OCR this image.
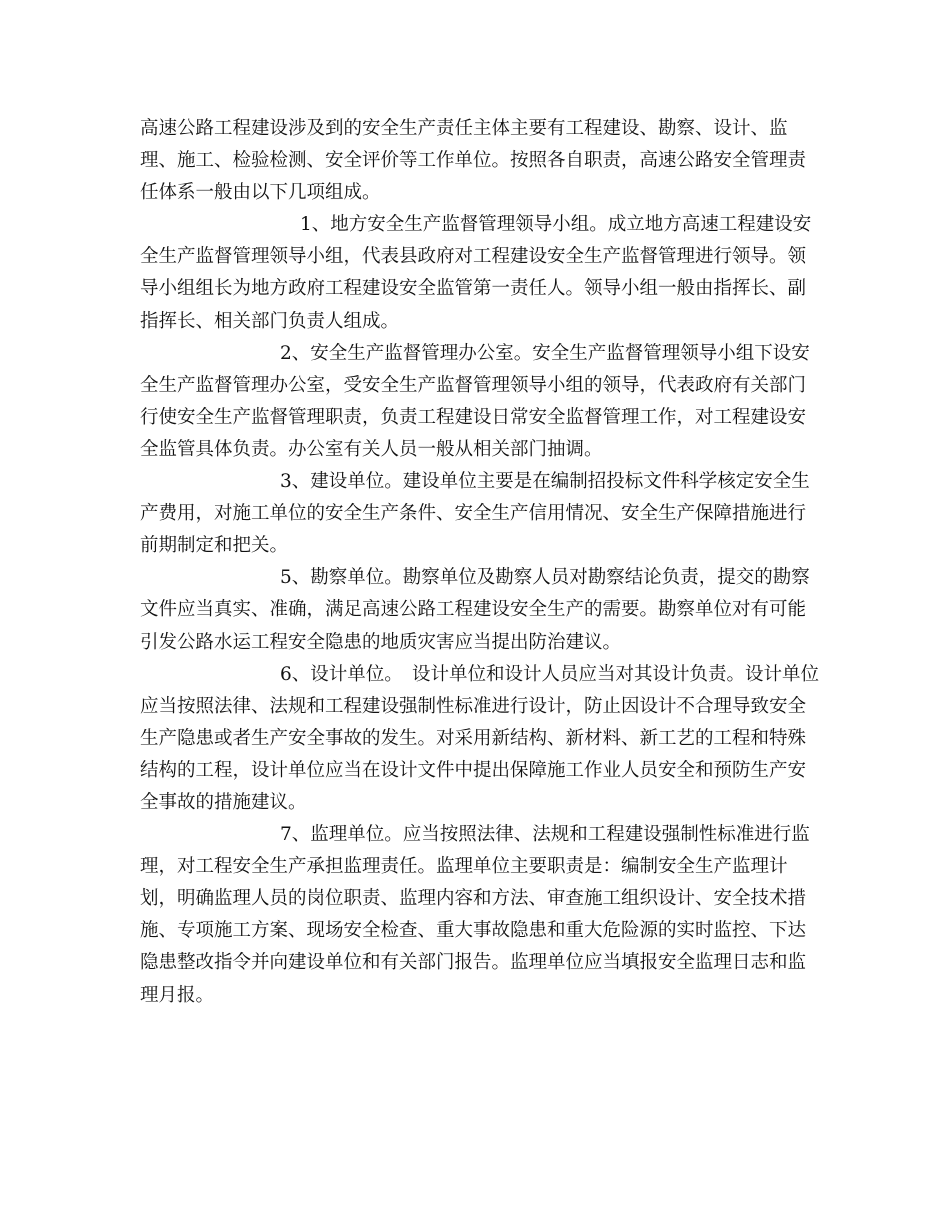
高速公路工程建设涉及到的安全生产责任主体主要有工程建设、勘察、设计、监理、施工、检验检测、安全评价等工作单位。按照各自职责，高速公路安全管理责任体系一般由以下几项组成。

1、地方安全生产监督管理领导小组。成立地方高速工程建设安全生产监督管理领导小组，代表县政府对工程建设安全生产监督管理进行领导。领导小组组长为地方政府工程建设安全监管第一责任人。领导小组一般由指挥长、副指挥长、相关部门负责人组成。

2、安全生产监督管理办公室。安全生产监督管理领导小组下设安全生产监督管理办公室，受安全生产监督管理领导小组的领导，代表政府有关部门行使安全生产监督管理职责，负责工程建设日常安全监督管理工作，对工程建设安全监管具体负责。办公室有关人员一般从相关部门抽调。

3、建设单位。建设单位主要是在编制招投标文件科学核定安全生产费用，对施工单位的安全生产条件、安全生产信用情况、安全生产保障措施进行前期制定和把关。

5、勘察单位。勘察单位及勘察人员对勘察结论负责，提交的勘察文件应当真实、准确，满足高速公路工程建设安全生产的需要。勘察单位对有可能引发公路水运工程安全隐患的地质灾害应当提出防治建议。

6、设计单位。　设计单位和设计人员应当对其设计负责。设计单位应当按照法律、法规和工程建设强制性标准进行设计，防止因设计不合理导致安全生产隐患或者生产安全事故的发生。对采用新结构、新材料、新工艺的工程和特殊结构的工程，设计单位应当在设计文件中提出保障施工作业人员安全和预防生产安全事故的措施建议。

7、监理单位。应当按照法律、法规和工程建设强制性标准进行监理，对工程安全生产承担监理责任。监理单位主要职责是：编制安全生产监理计划，明确监理人员的岗位职责、监理内容和方法、审查施工组织设计、安全技术措施、专项施工方案、现场安全检查、重大事故隐患和重大危险源的实时监控、下达隐患整改指令并向建设单位和有关部门报告。监理单位应当填报安全监理日志和监理月报。
